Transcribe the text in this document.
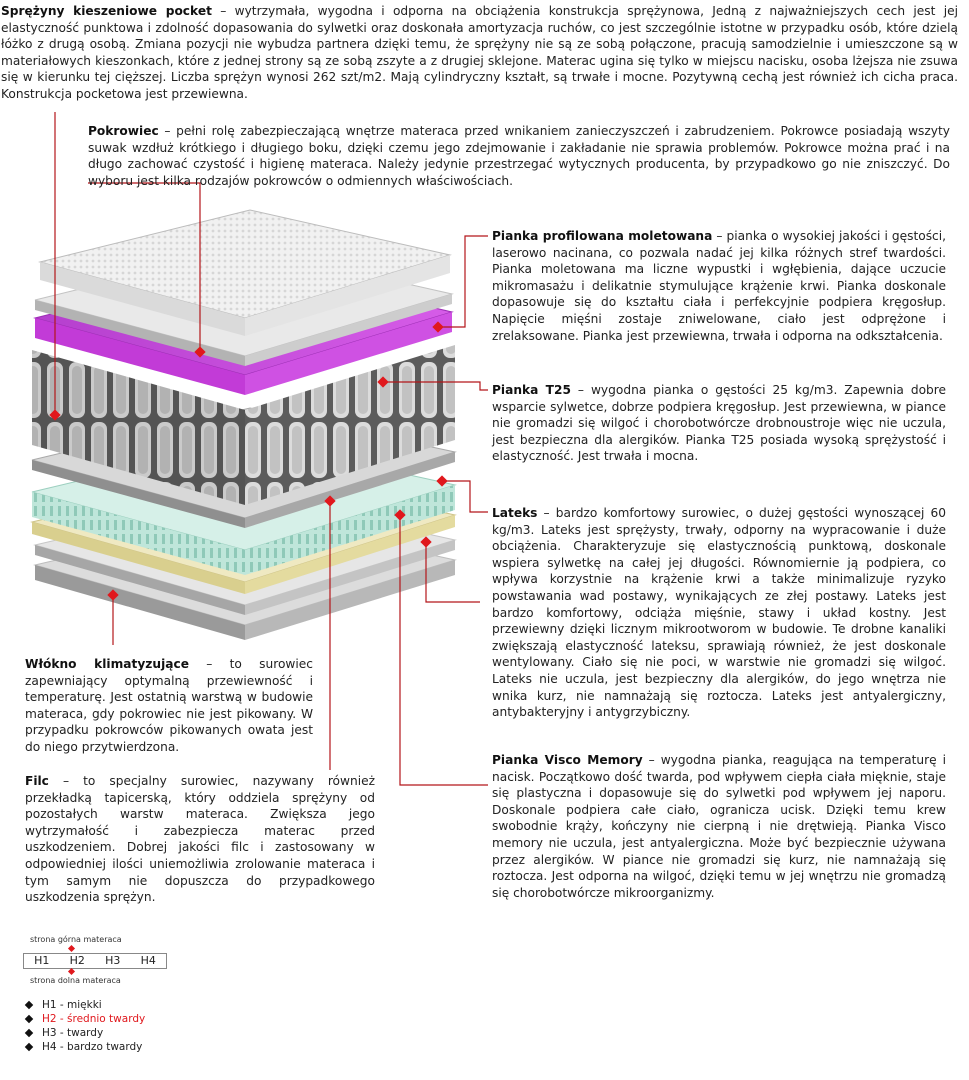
Sprężyny kieszeniowe pocket – wytrzymała, wygodna i odporna na obciążenia konstrukcja sprężynowa, Jedną z najważniejszych cech jest jej elastyczność punktowa i zdolność dopasowania do sylwetki oraz doskonała amortyzacja ruchów, co jest szczególnie istotne w przypadku osób, które dzielą łóżko z drugą osobą. Zmiana pozycji nie wybudza partnera dzięki temu, że sprężyny nie są ze sobą połączone, pracują samodzielnie i umieszczone są w materiałowych kieszonkach, które z jednej strony są ze sobą zszyte a z drugiej sklejone. Materac ugina się tylko w miejscu nacisku, osoba lżejsza nie zsuwa się w kierunku tej cięższej. Liczba sprężyn wynosi 262 szt/m2. Mają cylindryczny kształt, są trwałe i mocne. Pozytywną cechą jest również ich cicha praca. Konstrukcja pocketowa jest przewiewna.
Pokrowiec – pełni rolę zabezpieczającą wnętrze materaca przed wnikaniem zanieczyszczeń i zabrudzeniem. Pokrowce posiadają wszyty suwak wzdłuż krótkiego i długiego boku, dzięki czemu jego zdejmowanie i zakładanie nie sprawia problemów. Pokrowce można prać i na długo zachować czystość i higienę materaca. Należy jedynie przestrzegać wytycznych producenta, by przypadkowo go nie zniszczyć. Do wyboru jest kilka rodzajów pokrowców o odmiennych właściwościach.
Pianka profilowana moletowana – pianka o wysokiej jakości i gęstości, laserowo nacinana, co pozwala nadać jej kilka różnych stref twardości. Pianka moletowana ma liczne wypustki i wgłębienia, dające uczucie mikromasażu i delikatnie stymulujące krążenie krwi. Pianka doskonale dopasowuje się do kształtu ciała i perfekcyjnie podpiera kręgosłup. Napięcie mięśni zostaje zniwelowane, ciało jest odprężone i zrelaksowane. Pianka jest przewiewna, trwała i odporna na odkształcenia.
Pianka T25 – wygodna pianka o gęstości 25 kg/m3. Zapewnia dobre wsparcie sylwetce, dobrze podpiera kręgosłup. Jest przewiewna, w piance nie gromadzi się wilgoć i chorobotwórcze drobnoustroje więc nie uczula, jest bezpieczna dla alergików. Pianka T25 posiada wysoką sprężystość i elastyczność. Jest trwała i mocna.
Lateks – bardzo komfortowy surowiec, o dużej gęstości wynoszącej 60 kg/m3. Lateks jest sprężysty, trwały, odporny na wypracowanie i duże obciążenia. Charakteryzuje się elastycznością punktową, doskonale wspiera sylwetkę na całej jej długości. Równomiernie ją podpiera, co wpływa korzystnie na krążenie krwi a także minimalizuje ryzyko powstawania wad postawy, wynikających ze złej postawy. Lateks jest bardzo komfortowy, odciąża mięśnie, stawy i układ kostny. Jest przewiewny dzięki licznym mikrootworom w budowie. Te drobne kanaliki zwiększają elastyczność lateksu, sprawiają również, że jest doskonale wentylowany. Ciało się nie poci, w warstwie nie gromadzi się wilgoć. Lateks nie uczula, jest bezpieczny dla alergików, do jego wnętrza nie wnika kurz, nie namnażają się roztocza. Lateks jest antyalergiczny, antybakteryjny i antygrzybiczny.
Pianka Visco Memory – wygodna pianka, reagująca na temperaturę i nacisk. Początkowo dość twarda, pod wpływem ciepła ciała mięknie, staje się plastyczna i dopasowuje się do sylwetki pod wpływem jej naporu. Doskonale podpiera całe ciało, ogranicza ucisk. Dzięki temu krew swobodnie krąży, kończyny nie cierpną i nie drętwieją. Pianka Visco memory nie uczula, jest antyalergiczna. Może być bezpiecznie używana przez alergików. W piance nie gromadzi się kurz, nie namnażają się roztocza. Jest odporna na wilgoć, dzięki temu w jej wnętrzu nie gromadzą się chorobotwórcze mikroorganizmy.
Włókno klimatyzujące – to surowiec zapewniający optymalną przewiewność i temperaturę. Jest ostatnią warstwą w budowie materaca, gdy pokrowiec nie jest pikowany. W przypadku pokrowców pikowanych owata jest do niego przytwierdzona.
Filc – to specjalny surowiec, nazywany również przekładką tapicerską, który oddziela sprężyny od pozostałych warstw materaca. Zwiększa jego wytrzymałość i zabezpiecza materac przed uszkodzeniem. Dobrej jakości filc i zastosowany w odpowiedniej ilości uniemożliwia zrolowanie materaca i tym samym nie dopuszcza do przypadkowego uszkodzenia sprężyn.
strona górna materaca
H1	H2	H3	H4
strona dolna materaca
H1 - miękki
H2 - średnio twardy
H3 - twardy
H4 - bardzo twardy
